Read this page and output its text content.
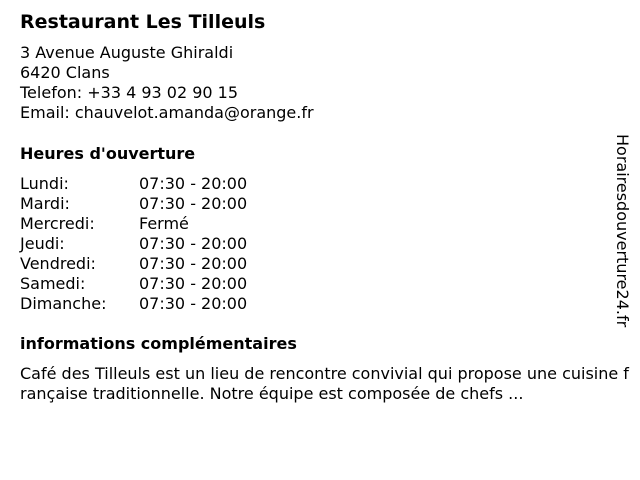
Restaurant Les Tilleuls
3 Avenue Auguste Ghiraldi
6420 Clans
Telefon: +33 4 93 02 90 15
Email: chauvelot.amanda@orange.fr
Heures d'ouverture
Lundi:	07:30 - 20:00
Mardi:	07:30 - 20:00
Mercredi:	Fermé
Jeudi:	07:30 - 20:00
Vendredi:	07:30 - 20:00
Samedi:	07:30 - 20:00
Dimanche: 07:30 - 20:00
informations complémentaires
Café des Tilleuls est un lieu de rencontre convivial qui propose une cuisine française traditionnelle. Notre équipe est composée de chefs ...
Horairesdouverture24.fr
